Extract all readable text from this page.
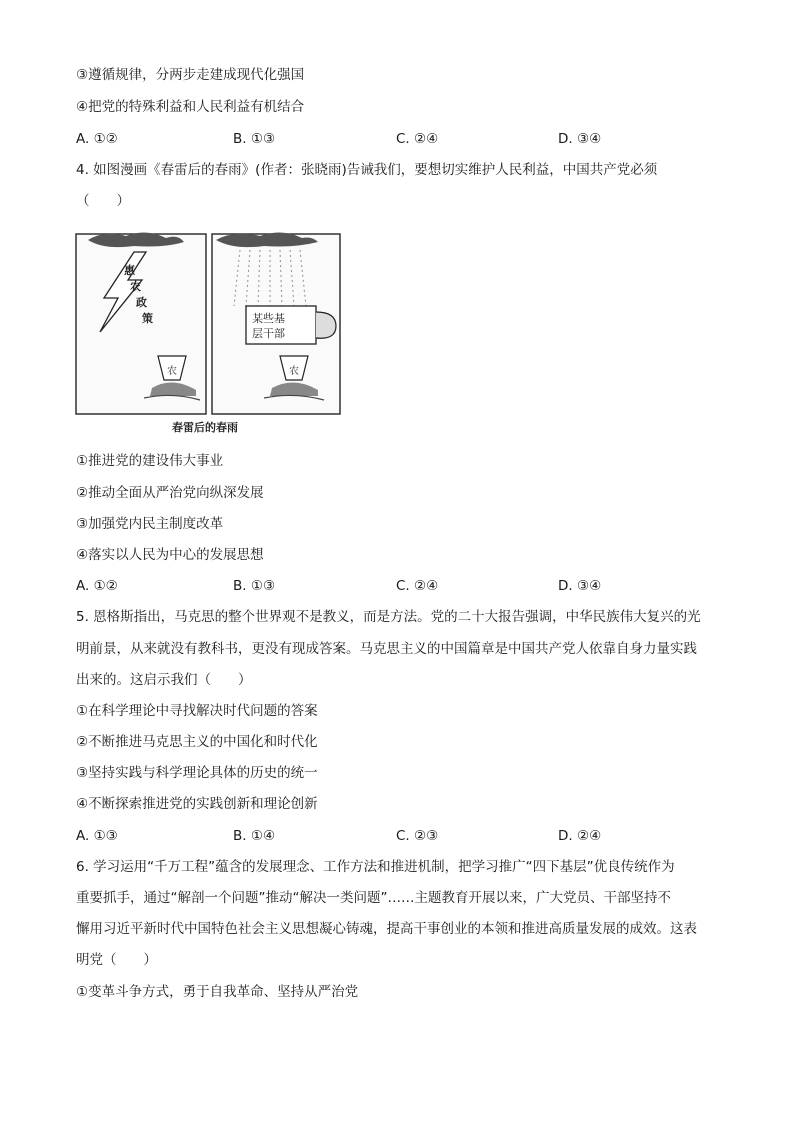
③遵循规律，分两步走建成现代化强国
④把党的特殊利益和人民利益有机结合
A. ①②	B. ①③	C. ②④	D. ③④
4. 如图漫画《春雷后的春雨》(作者：张晓雨)告诫我们，要想切实维护人民利益，中国共产党必须
（　　）
惠
农
政
策
农
某些基
层干部
农
春雷后的春雨
①推进党的建设伟大事业
②推动全面从严治党向纵深发展
③加强党内民主制度改革
④落实以人民为中心的发展思想
A. ①②	B. ①③	C. ②④	D. ③④
5. 恩格斯指出，马克思的整个世界观不是教义，而是方法。党的二十大报告强调，中华民族伟大复兴的光
明前景，从来就没有教科书，更没有现成答案。马克思主义的中国篇章是中国共产党人依靠自身力量实践
出来的。这启示我们（　　）
①在科学理论中寻找解决时代问题的答案
②不断推进马克思主义的中国化和时代化
③坚持实践与科学理论具体的历史的统一
④不断探索推进党的实践创新和理论创新
A. ①③	B. ①④	C. ②③	D. ②④
6. 学习运用“千万工程”蕴含的发展理念、工作方法和推进机制，把学习推广“四下基层”优良传统作为
重要抓手，通过“解剖一个问题”推动“解决一类问题”……主题教育开展以来，广大党员、干部坚持不
懈用习近平新时代中国特色社会主义思想凝心铸魂，提高干事创业的本领和推进高质量发展的成效。这表
明党（　　）
①变革斗争方式，勇于自我革命、坚持从严治党
